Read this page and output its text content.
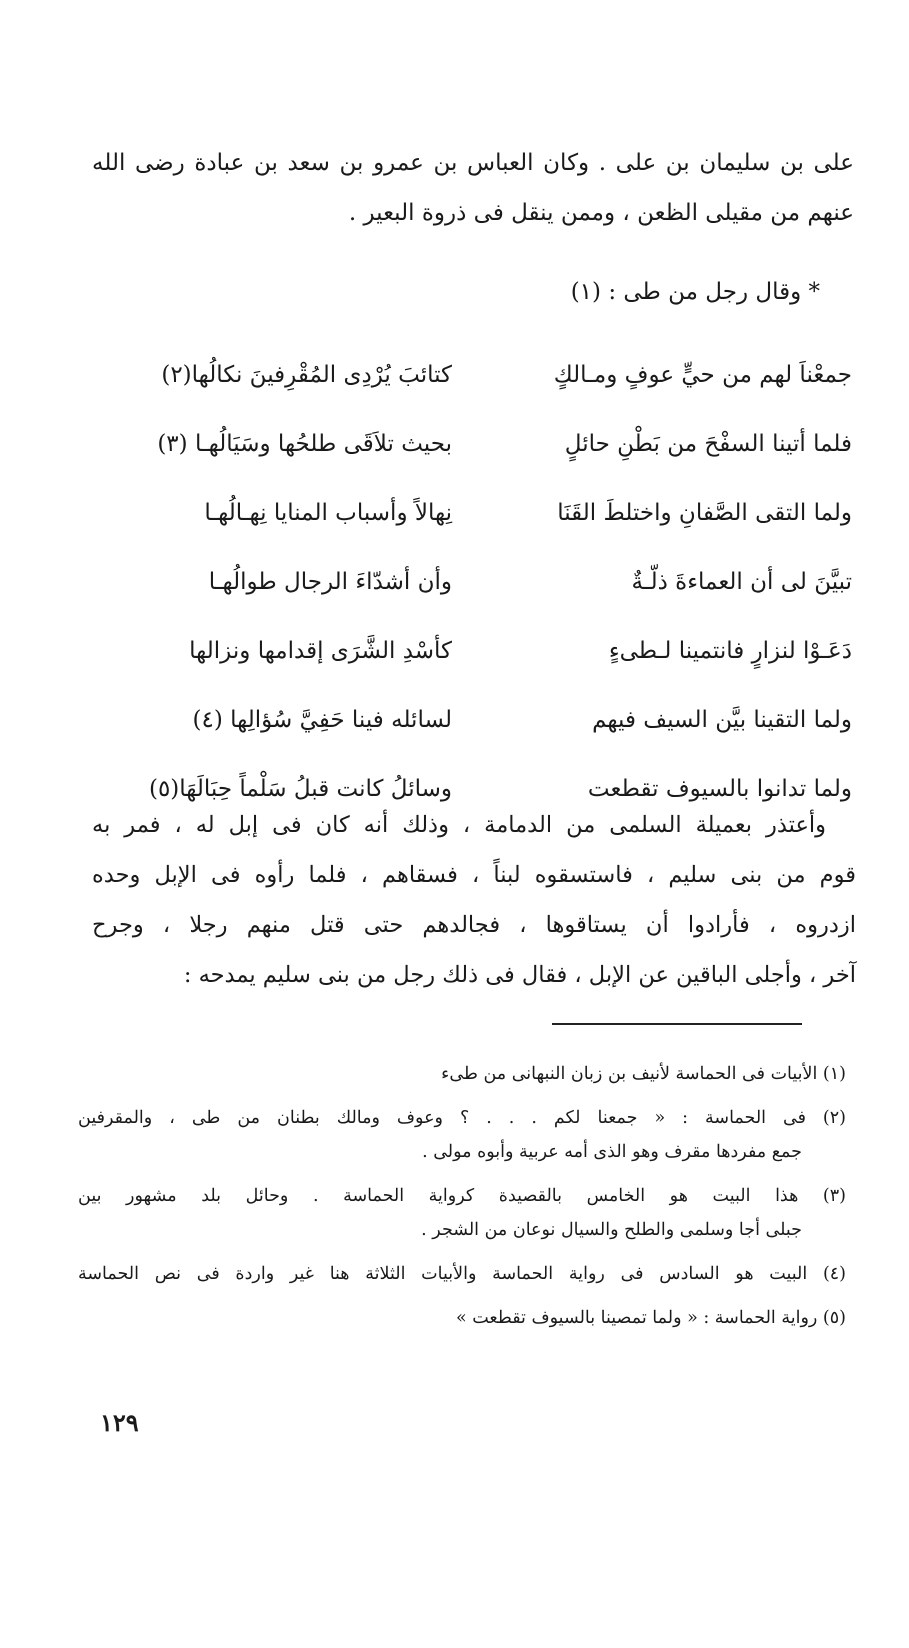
على بن سليمان بن على . وكان العباس بن عمرو بن سعد بن عبادة رضى الله
عنهم من مقيلى الظعن ، وممن ينقل فى ذروة البعير .
* وقال رجل من طى : (١)
جمعْناَ لهم من حيٍّ عوفٍ ومـالكٍ
كتائبَ يُرْدِى المُقْرِفينَ نكالُها(٢)
فلما أتينا السفْحَ من بَطْنِ حائلٍ
بحيث تلاَقَى طلحُها وسَيَالُهـا (٣)
ولما التقى الصَّفانِ واختلطَ القَنَا
نِهالاً وأسباب المنايا نِهـالُهـا
تبيَّنَ لى أن العماءةَ ذلّـةٌ
وأن أشدّاءَ الرجال طوالُهـا
دَعَـوْا لنزارٍ فانتمينا لـطىءٍ
كأسْدِ الشَّرَى إقدامها ونزالها
ولما التقينا بيَّن السيف فيهم
لسائله فينا حَفِيَّ سُؤالِها (٤)
ولما تدانوا بالسيوف تقطعت
وسائلُ كانت قبلُ سَلْماً حِبَالَهَا(٥)
وأعتذر بعميلة السلمى من الدمامة ، وذلك أنه كان فى إبل له ، فمر به
قوم من بنى سليم ، فاستسقوه لبناً ، فسقاهم ، فلما رأوه فى الإبل وحده
ازدروه ، فأرادوا أن يستاقوها ، فجالدهم حتى قتل منهم رجلا ، وجرح
آخر ، وأجلى الباقين عن الإبل ، فقال فى ذلك رجل من بنى سليم يمدحه :
(١) الأبيات فى الحماسة لأنيف بن زبان النبهانى من طىء
(٢) فى الحماسة : « جمعنا لكم . . . ؟ وعوف ومالك بطنان من طى ، والمقرفين
جمع مفردها مقرف وهو الذى أمه عربية وأبوه مولى .
(٣) هذا البيت هو الخامس بالقصيدة كرواية الحماسة . وحائل بلد مشهور بين
جبلى أجا وسلمى والطلح والسيال نوعان من الشجر .
(٤) البيت هو السادس فى رواية الحماسة والأبيات الثلاثة هنا غير واردة فى نص الحماسة
(٥) رواية الحماسة : « ولما تمصينا بالسيوف تقطعت »
١٢٩
